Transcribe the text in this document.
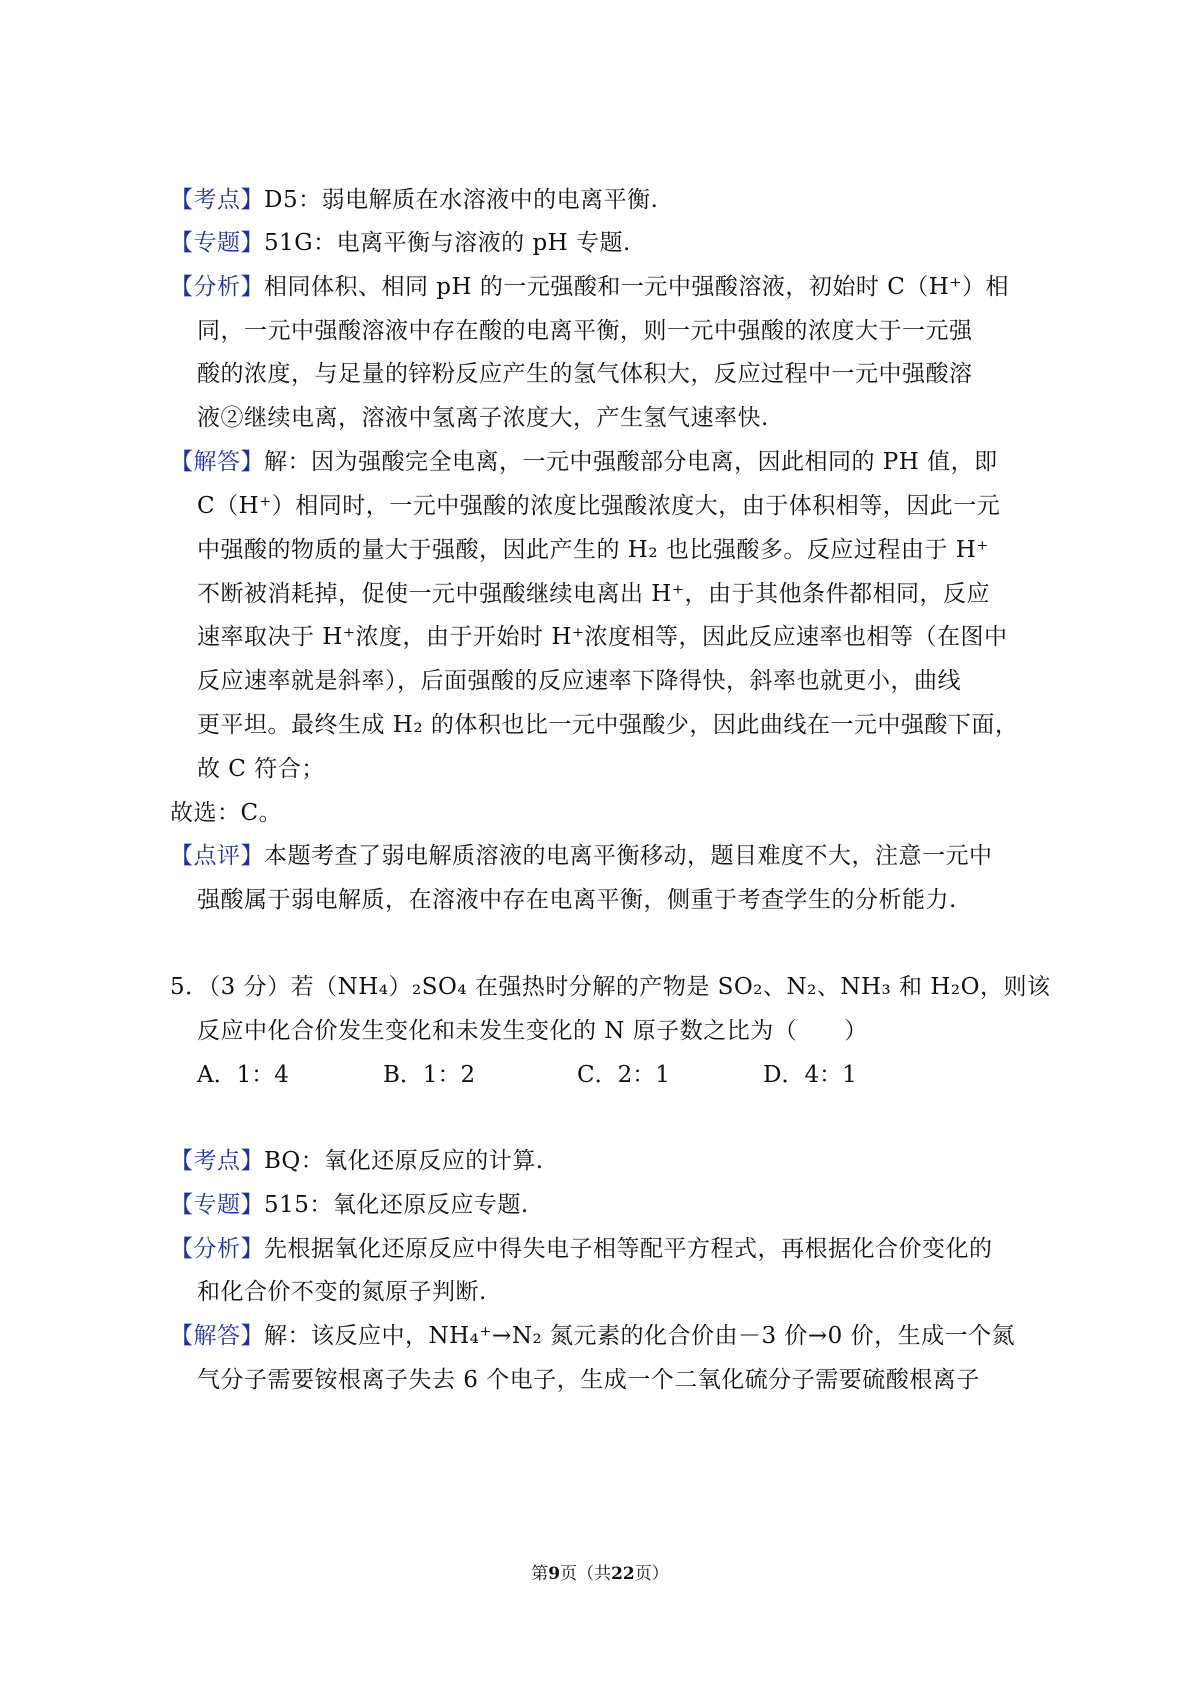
【考点】D5：弱电解质在水溶液中的电离平衡.
【专题】51G：电离平衡与溶液的 pH 专题.
【分析】相同体积、相同 pH 的一元强酸和一元中强酸溶液，初始时 C（H⁺）相
同，一元中强酸溶液中存在酸的电离平衡，则一元中强酸的浓度大于一元强
酸的浓度，与足量的锌粉反应产生的氢气体积大，反应过程中一元中强酸溶
液②继续电离，溶液中氢离子浓度大，产生氢气速率快.
【解答】解：因为强酸完全电离，一元中强酸部分电离，因此相同的 PH 值，即
C（H⁺）相同时，一元中强酸的浓度比强酸浓度大，由于体积相等，因此一元
中强酸的物质的量大于强酸，因此产生的 H₂ 也比强酸多。反应过程由于 H⁺
不断被消耗掉，促使一元中强酸继续电离出 H⁺，由于其他条件都相同，反应
速率取决于 H⁺浓度，由于开始时 H⁺浓度相等，因此反应速率也相等（在图中
反应速率就是斜率），后面强酸的反应速率下降得快，斜率也就更小，曲线
更平坦。最终生成 H₂ 的体积也比一元中强酸少，因此曲线在一元中强酸下面，
故 C 符合；
故选：C。
【点评】本题考查了弱电解质溶液的电离平衡移动，题目难度不大，注意一元中
强酸属于弱电解质，在溶液中存在电离平衡，侧重于考查学生的分析能力.
5．（3 分）若（NH₄）₂SO₄ 在强热时分解的产物是 SO₂、N₂、NH₃ 和 H₂O，则该
反应中化合价发生变化和未发生变化的 N 原子数之比为（　　）
A．1：4	B．1：2	C．2：1	D．4：1
【考点】BQ：氧化还原反应的计算.
【专题】515：氧化还原反应专题.
【分析】先根据氧化还原反应中得失电子相等配平方程式，再根据化合价变化的
和化合价不变的氮原子判断.
【解答】解：该反应中，NH₄⁺→N₂ 氮元素的化合价由－3 价→0 价，生成一个氮
气分子需要铵根离子失去 6 个电子，生成一个二氧化硫分子需要硫酸根离子
第9页（共22页）
